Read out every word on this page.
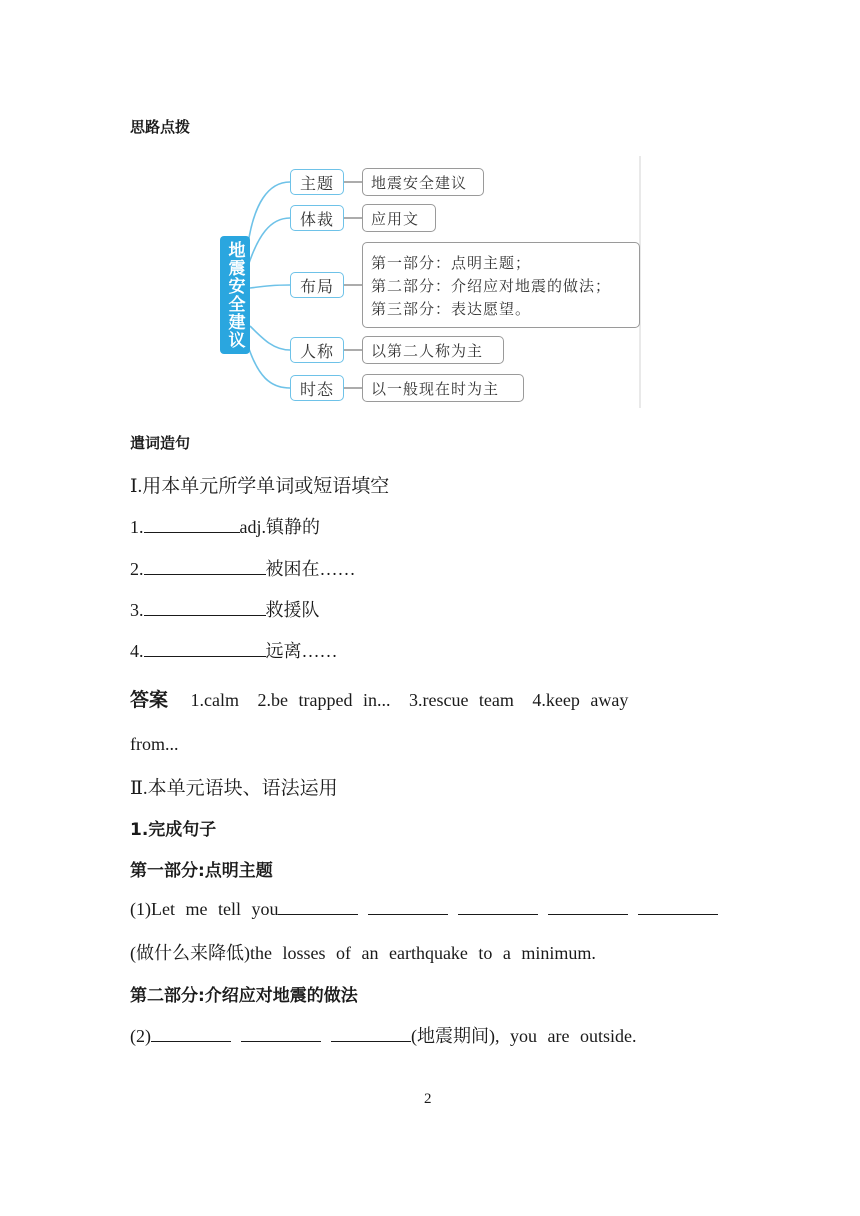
思路点拨
地震安全建议
主题	地震安全建议
体裁	应用文
布局
第一部分：点明主题；
第二部分：介绍应对地震的做法；
第三部分：表达愿望。
人称	以第二人称为主
时态	以一般现在时为主
遣词造句
Ⅰ.用本单元所学单词或短语填空
1.	adj.镇静的
2.	被困在……
3.	救援队
4.	远离……
答案 1.calm 2.be trapped in... 3.rescue team 4.keep away
from...
Ⅱ.本单元语块、语法运用
1.完成句子
第一部分:点明主题
(1)Let me tell you
(做什么来降低)the losses of an earthquake to a minimum.
第二部分:介绍应对地震的做法
(2)	(地震期间), you are outside.
2
